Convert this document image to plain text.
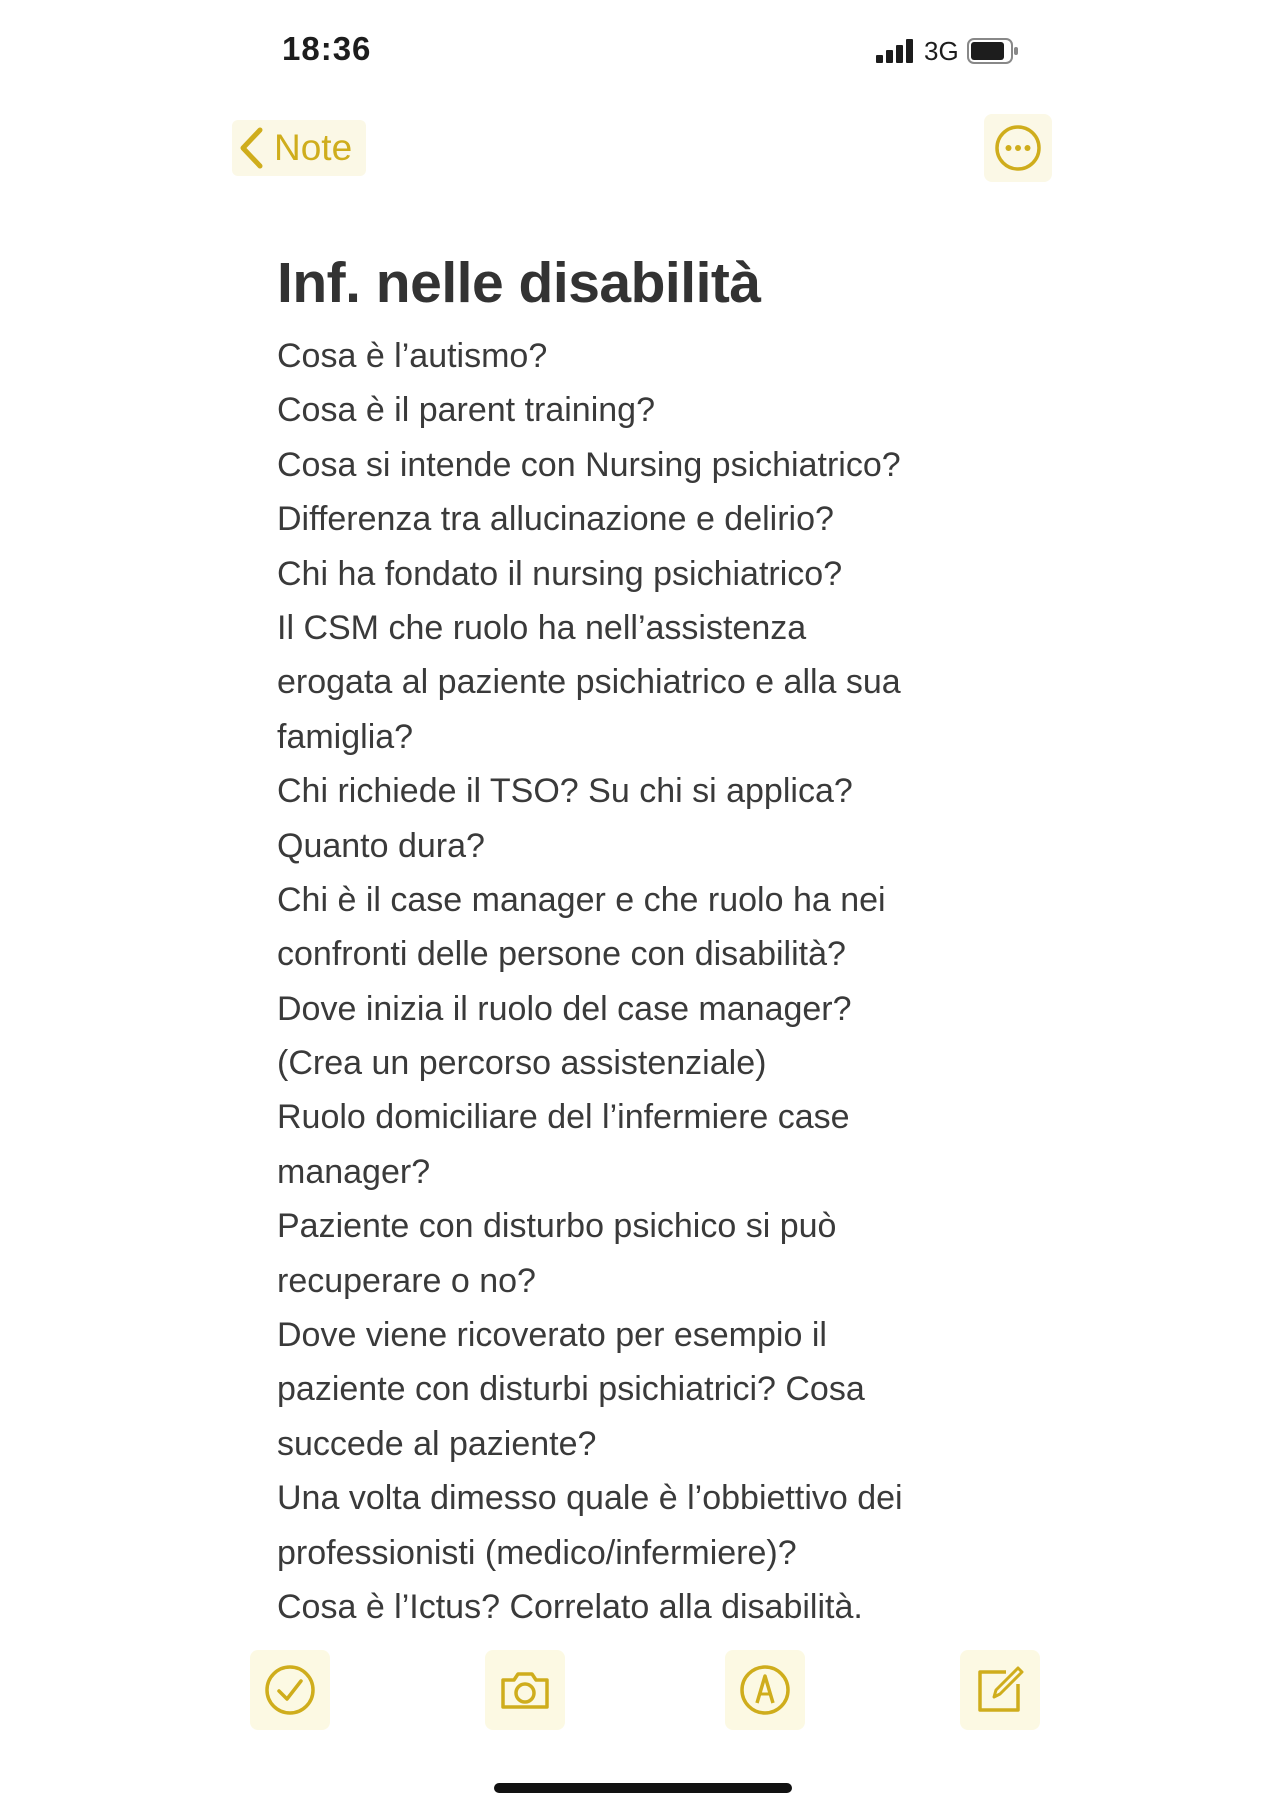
18:36	3G
Note
Inf. nelle disabilità
Cosa è l’autismo?
Cosa è il parent training?
Cosa si intende con Nursing psichiatrico?
Differenza tra allucinazione e delirio?
Chi ha fondato il nursing psichiatrico?
Il CSM che ruolo ha nell’assistenza
erogata al paziente psichiatrico e alla sua
famiglia?
Chi richiede il TSO? Su chi si applica?
Quanto dura?
Chi è il case manager e che ruolo ha nei
confronti delle persone con disabilità?
Dove inizia il ruolo del case manager?
(Crea un percorso assistenziale)
Ruolo domiciliare del l’infermiere case
manager?
Paziente con disturbo psichico si può
recuperare o no?
Dove viene ricoverato per esempio il
paziente con disturbi psichiatrici? Cosa
succede al paziente?
Una volta dimesso quale è l’obbiettivo dei
professionisti (medico/infermiere)?
Cosa è l’Ictus? Correlato alla disabilità.
